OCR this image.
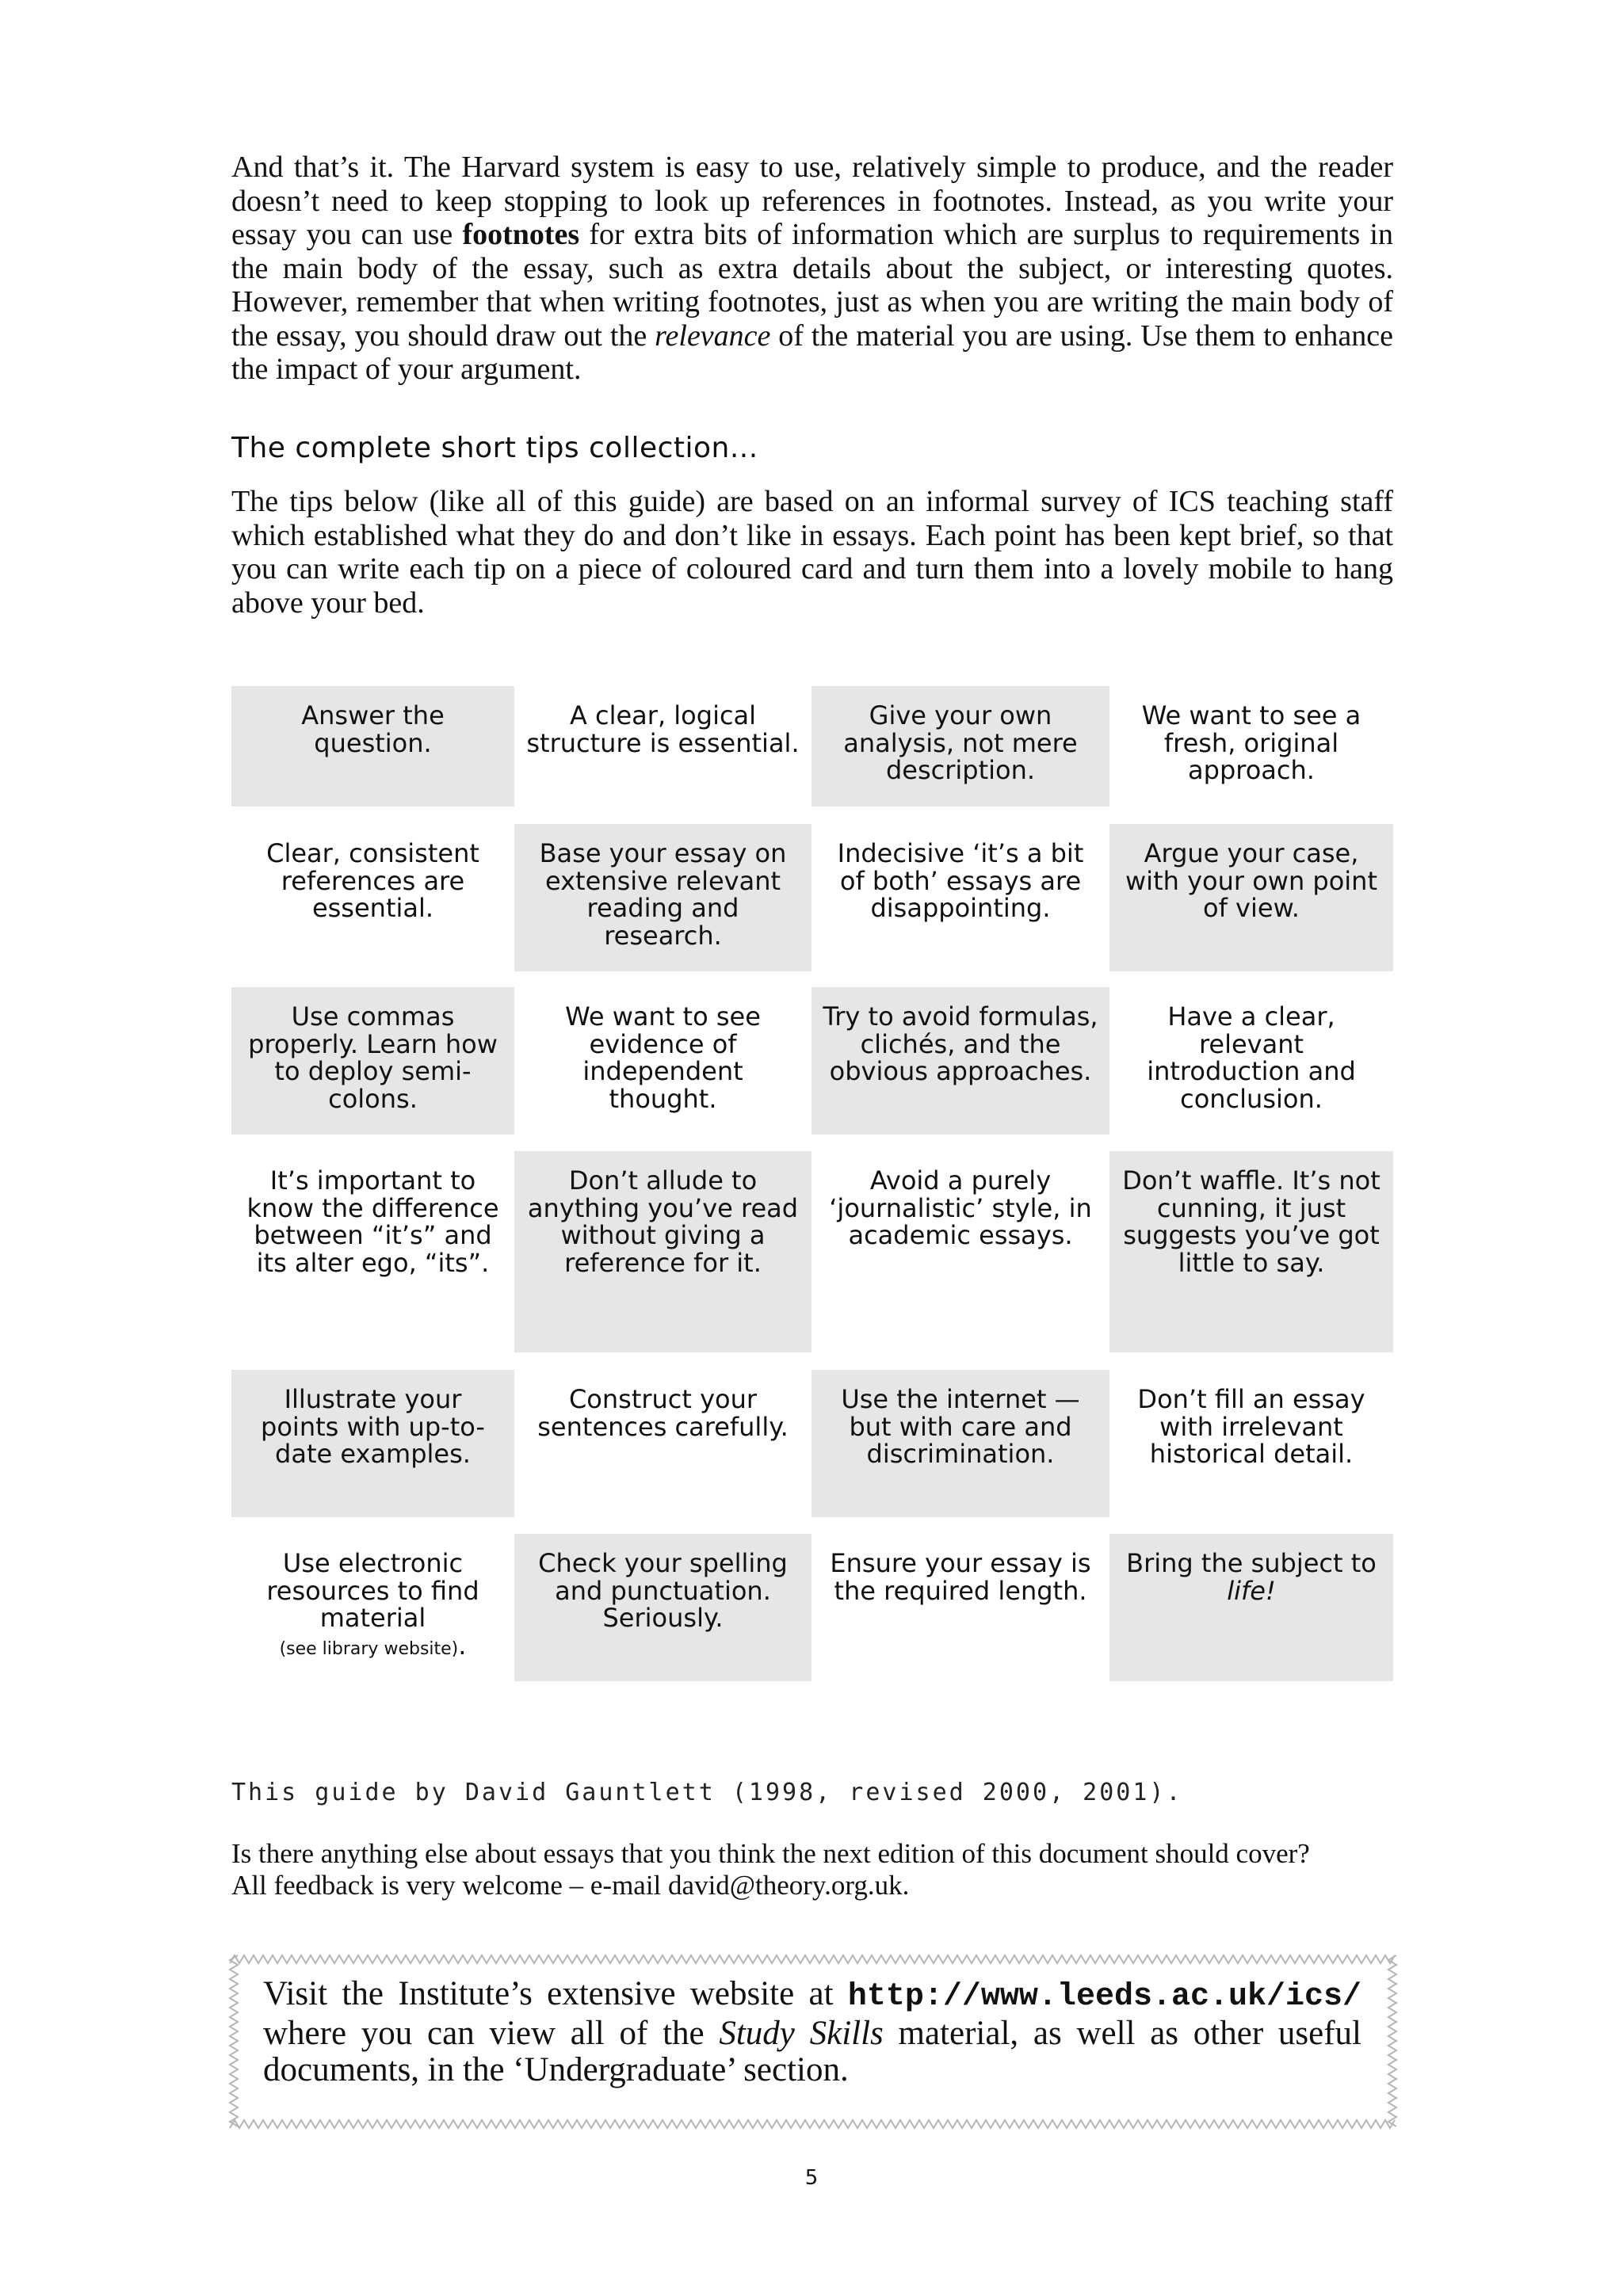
And that’s it. The Harvard system is easy to use, relatively simple to produce, and the reader doesn’t need to keep stopping to look up references in footnotes. Instead, as you write your essay you can use footnotes for extra bits of information which are surplus to requirements in the main body of the essay, such as extra details about the subject, or interesting quotes. However, remember that when writing footnotes, just as when you are writing the main body of the essay, you should draw out the relevance of the material you are using. Use them to enhance the impact of your argument.

The complete short tips collection...

The tips below (like all of this guide) are based on an informal survey of ICS teaching staff which established what they do and don’t like in essays. Each point has been kept brief, so that you can write each tip on a piece of coloured card and turn them into a lovely mobile to hang above your bed.

Answer the question.
A clear, logical structure is essential.
Give your own analysis, not mere description.
We want to see a fresh, original approach.
Clear, consistent references are essential.
Base your essay on extensive relevant reading and research.
Indecisive ‘it’s a bit of both’ essays are disappointing.
Argue your case, with your own point of view.
Use commas properly. Learn how to deploy semi-colons.
We want to see evidence of independent thought.
Try to avoid formulas, clichés, and the obvious approaches.
Have a clear, relevant introduction and conclusion.
It’s important to know the difference between “it’s” and its alter ego, “its”.
Don’t allude to anything you’ve read without giving a reference for it.
Avoid a purely ‘journalistic’ style, in academic essays.
Don’t waffle. It’s not cunning, it just suggests you’ve got little to say.
Illustrate your points with up-to-date examples.
Construct your sentences carefully.
Use the internet — but with care and discrimination.
Don’t fill an essay with irrelevant historical detail.
Use electronic resources to find material
(see library website).
Check your spelling and punctuation. Seriously.
Ensure your essay is the required length.
Bring the subject to life!
This guide by David Gauntlett (1998, revised 2000, 2001).
Is there anything else about essays that you think the next edition of this document should cover?
All feedback is very welcome – e-mail david@theory.org.uk.

Visit the Institute’s extensive website at http://www.leeds.ac.uk/ics/ where you can view all of the Study Skills material, as well as other useful documents, in the ‘Undergraduate’ section.

5
